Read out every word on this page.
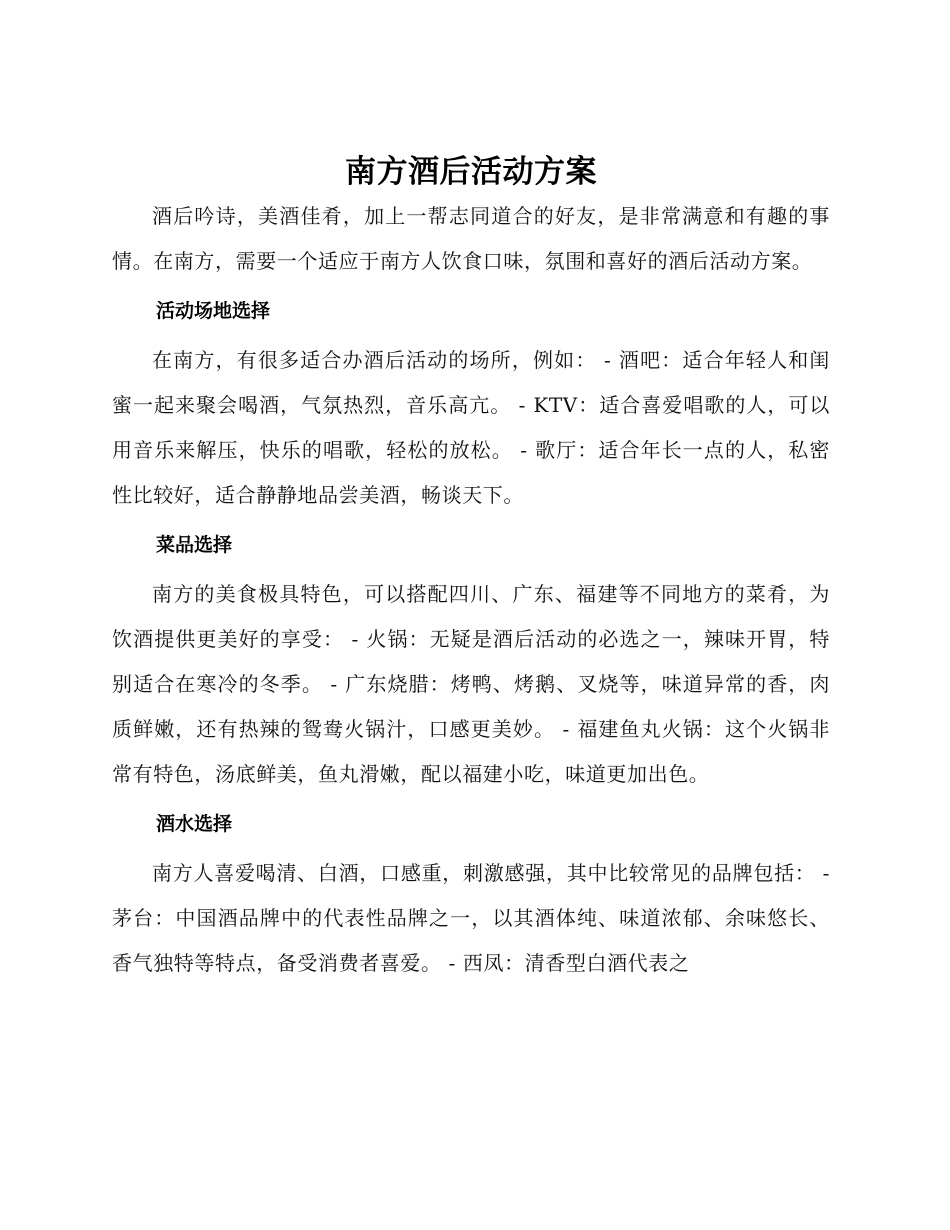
南方酒后活动方案

酒后吟诗，美酒佳肴，加上一帮志同道合的好友，是非常满意和有趣的事情。在南方，需要一个适应于南方人饮食口味，氛围和喜好的酒后活动方案。

活动场地选择

在南方，有很多适合办酒后活动的场所，例如： - 酒吧：适合年轻人和闺蜜一起来聚会喝酒，气氛热烈，音乐高亢。 - KTV：适合喜爱唱歌的人，可以用音乐来解压，快乐的唱歌，轻松的放松。 - 歌厅：适合年长一点的人，私密性比较好，适合静静地品尝美酒，畅谈天下。

菜品选择

南方的美食极具特色，可以搭配四川、广东、福建等不同地方的菜肴，为饮酒提供更美好的享受： - 火锅：无疑是酒后活动的必选之一，辣味开胃，特别适合在寒冷的冬季。 - 广东烧腊：烤鸭、烤鹅、叉烧等，味道异常的香，肉质鲜嫩，还有热辣的鸳鸯火锅汁，口感更美妙。 - 福建鱼丸火锅：这个火锅非常有特色，汤底鲜美，鱼丸滑嫩，配以福建小吃，味道更加出色。

酒水选择

南方人喜爱喝清、白酒，口感重，刺激感强，其中比较常见的品牌包括： - 茅台：中国酒品牌中的代表性品牌之一，以其酒体纯、味道浓郁、余味悠长、香气独特等特点，备受消费者喜爱。 - 西凤：清香型白酒代表之
